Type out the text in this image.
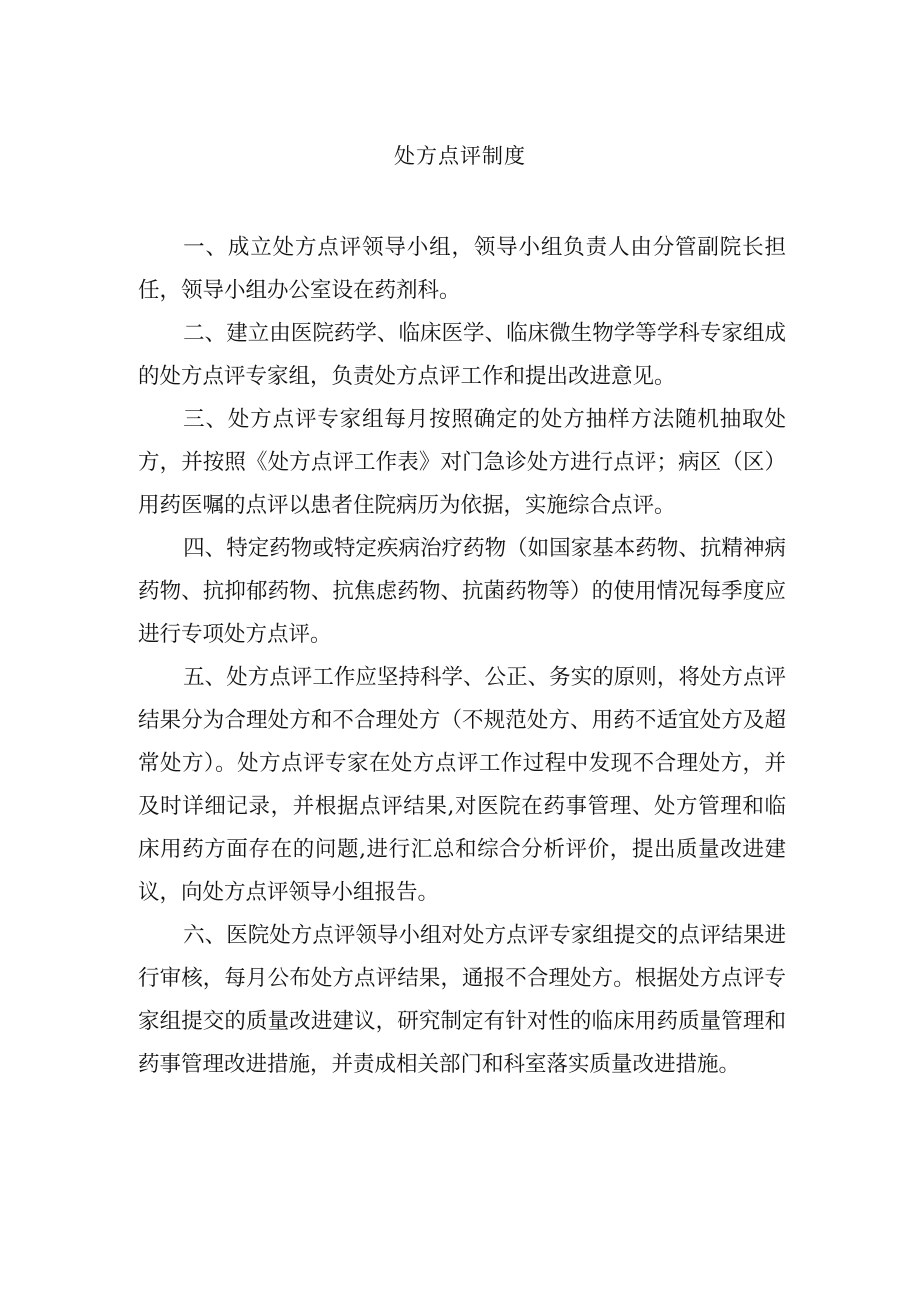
处方点评制度

一、成立处方点评领导小组，领导小组负责人由分管副院长担任，领导小组办公室设在药剂科。

二、建立由医院药学、临床医学、临床微生物学等学科专家组成的处方点评专家组，负责处方点评工作和提出改进意见。

三、处方点评专家组每月按照确定的处方抽样方法随机抽取处方，并按照《处方点评工作表》对门急诊处方进行点评；病区（区）用药医嘱的点评以患者住院病历为依据，实施综合点评。

四、特定药物或特定疾病治疗药物（如国家基本药物、抗精神病药物、抗抑郁药物、抗焦虑药物、抗菌药物等）的使用情况每季度应进行专项处方点评。

五、处方点评工作应坚持科学、公正、务实的原则，将处方点评结果分为合理处方和不合理处方（不规范处方、用药不适宜处方及超常处方）。处方点评专家在处方点评工作过程中发现不合理处方，并及时详细记录，并根据点评结果,对医院在药事管理、处方管理和临床用药方面存在的问题,进行汇总和综合分析评价，提出质量改进建议，向处方点评领导小组报告。

六、医院处方点评领导小组对处方点评专家组提交的点评结果进行审核，每月公布处方点评结果，通报不合理处方。根据处方点评专家组提交的质量改进建议，研究制定有针对性的临床用药质量管理和药事管理改进措施，并责成相关部门和科室落实质量改进措施。
